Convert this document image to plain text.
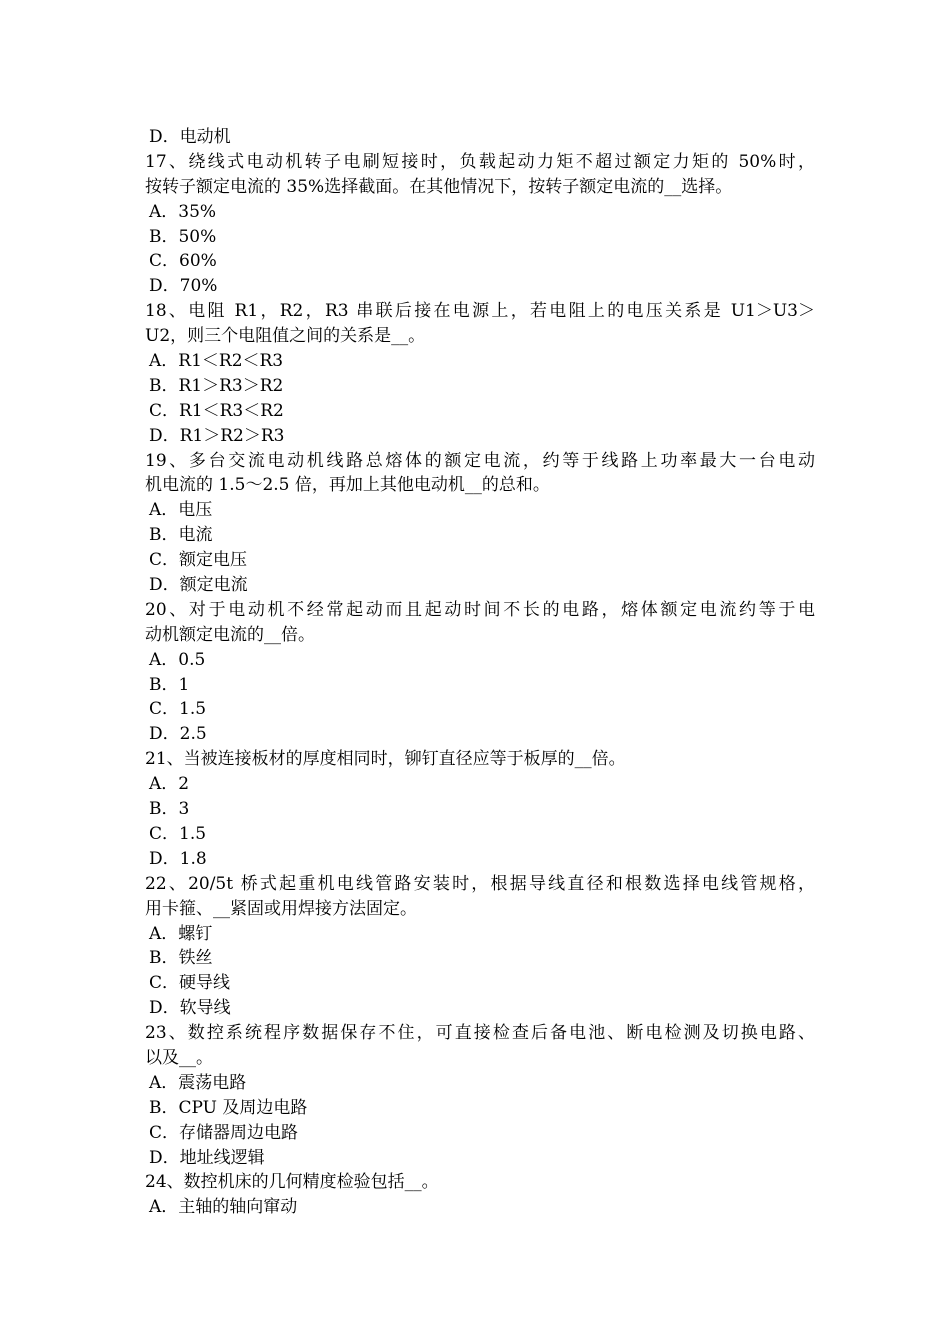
D．电动机
17、绕线式电动机转子电刷短接时，负载起动力矩不超过额定力矩的 50%时，
按转子额定电流的 35%选择截面。在其他情况下，按转子额定电流的__选择。
A．35%
B．50%
C．60%
D．70%
18、电阻 R1，R2，R3 串联后接在电源上，若电阻上的电压关系是 U1＞U3＞
U2，则三个电阻值之间的关系是__。
A．R1＜R2＜R3
B．R1＞R3＞R2
C．R1＜R3＜R2
D．R1＞R2＞R3
19、多台交流电动机线路总熔体的额定电流，约等于线路上功率最大一台电动
机电流的 1.5～2.5 倍，再加上其他电动机__的总和。
A．电压
B．电流
C．额定电压
D．额定电流
20、对于电动机不经常起动而且起动时间不长的电路，熔体额定电流约等于电
动机额定电流的__倍。
A．0.5
B．1
C．1.5
D．2.5
21、当被连接板材的厚度相同时，铆钉直径应等于板厚的__倍。
A．2
B．3
C．1.5
D．1.8
22、20/5t 桥式起重机电线管路安装时，根据导线直径和根数选择电线管规格，
用卡箍、__紧固或用焊接方法固定。
A．螺钉
B．铁丝
C．硬导线
D．软导线
23、数控系统程序数据保存不住，可直接检查后备电池、断电检测及切换电路、
以及__。
A．震荡电路
B．CPU 及周边电路
C．存储器周边电路
D．地址线逻辑
24、数控机床的几何精度检验包括__。
A．主轴的轴向窜动
